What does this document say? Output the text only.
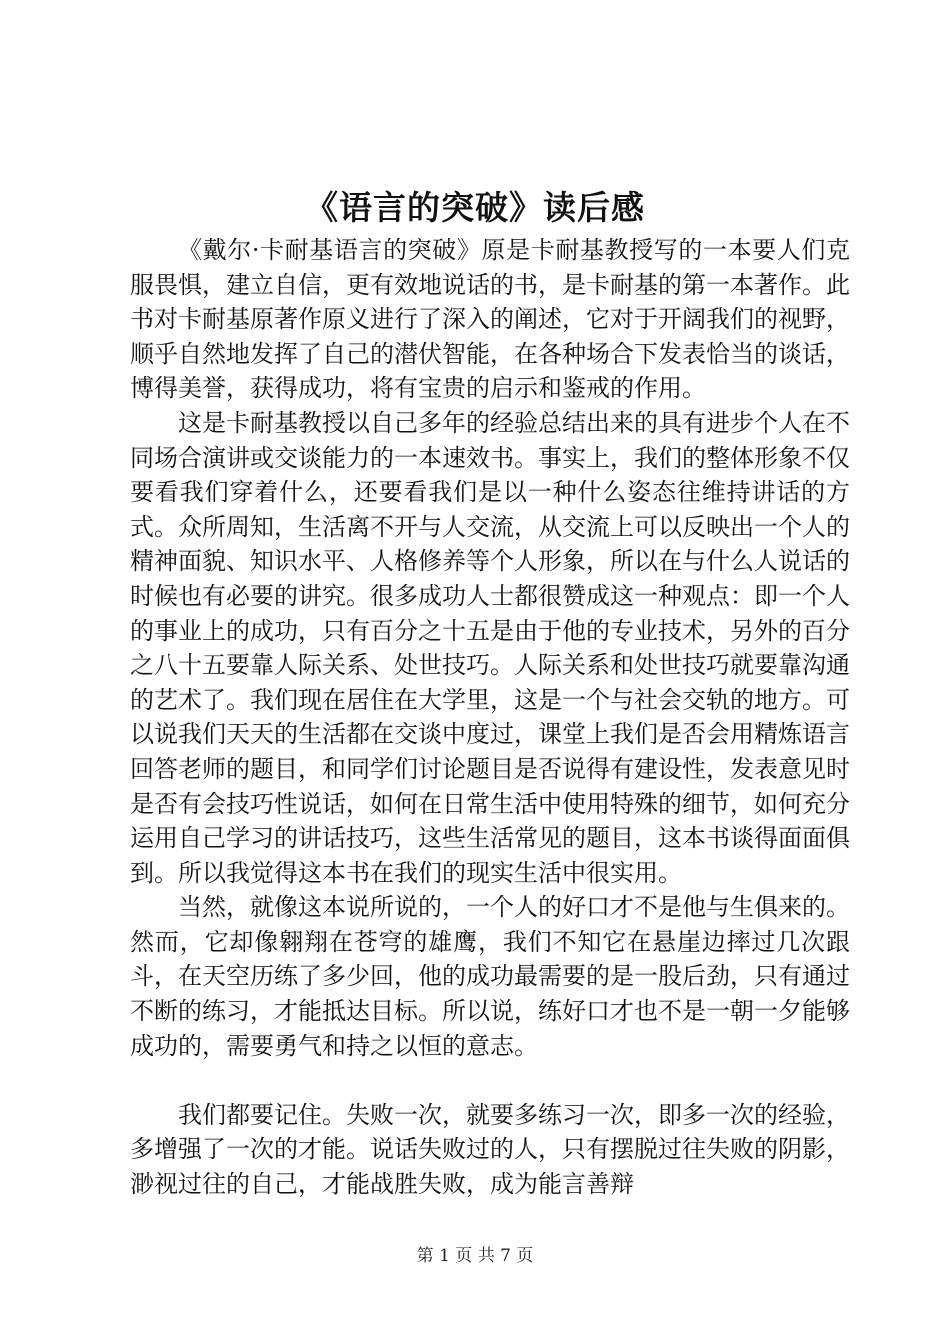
《语言的突破》读后感

《戴尔·卡耐基语言的突破》原是卡耐基教授写的一本要人们克服畏惧，建立自信，更有效地说话的书，是卡耐基的第一本著作。此书对卡耐基原著作原义进行了深入的阐述，它对于开阔我们的视野，顺乎自然地发挥了自己的潜伏智能，在各种场合下发表恰当的谈话，博得美誉，获得成功，将有宝贵的启示和鉴戒的作用。

这是卡耐基教授以自己多年的经验总结出来的具有进步个人在不同场合演讲或交谈能力的一本速效书。事实上，我们的整体形象不仅要看我们穿着什么，还要看我们是以一种什么姿态往维持讲话的方式。众所周知，生活离不开与人交流，从交流上可以反映出一个人的精神面貌、知识水平、人格修养等个人形象，所以在与什么人说话的时候也有必要的讲究。很多成功人士都很赞成这一种观点：即一个人的事业上的成功，只有百分之十五是由于他的专业技术，另外的百分之八十五要靠人际关系、处世技巧。人际关系和处世技巧就要靠沟通的艺术了。我们现在居住在大学里，这是一个与社会交轨的地方。可以说我们天天的生活都在交谈中度过，课堂上我们是否会用精炼语言回答老师的题目，和同学们讨论题目是否说得有建设性，发表意见时是否有会技巧性说话，如何在日常生活中使用特殊的细节，如何充分运用自己学习的讲话技巧，这些生活常见的题目，这本书谈得面面俱到。所以我觉得这本书在我们的现实生活中很实用。

当然，就像这本说所说的，一个人的好口才不是他与生俱来的。然而，它却像翱翔在苍穹的雄鹰，我们不知它在悬崖边摔过几次跟斗，在天空历练了多少回，他的成功最需要的是一股后劲，只有通过不断的练习，才能抵达目标。所以说，练好口才也不是一朝一夕能够成功的，需要勇气和持之以恒的意志。

我们都要记住。失败一次，就要多练习一次，即多一次的经验，多增强了一次的才能。说话失败过的人，只有摆脱过往失败的阴影，渺视过往的自己，才能战胜失败，成为能言善辩

第 1 页 共 7 页
